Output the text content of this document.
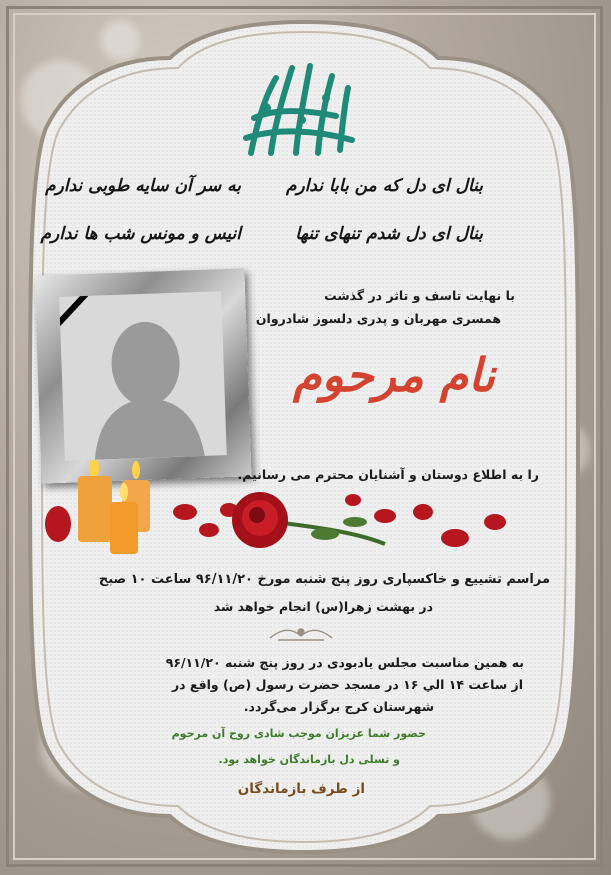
بنال ای دل که من بابا ندارم
به سر آن سایه طوبی ندارم
بنال ای دل شدم تنهای تنها
انیس و مونس شب ها ندارم
با نهایت تاسف و تاثر در گذشت
همسری مهربان و پدری دلسوز شادروان
نام مرحوم
را به اطلاع دوستان و آشنایان محترم می رسانیم.
مراسم تشییع و خاکسپاری روز پنج شنبه مورخ ۹۶/۱۱/۲۰ ساعت ۱۰ صبح
در بهشت زهرا(س) انجام خواهد شد
به همین مناسبت مجلس یادبودی در روز پنج شنبه ۹۶/۱۱/۲۰
از ساعت ۱۴ الي ۱۶ در مسجد حضرت رسول (ص) واقع در
شهرستان کرج برگزار می‌گردد.
حضور شما عزیزان موجب شادی روح آن مرحوم
و تسلی دل بازماندگان خواهد بود.
از طرف بازماندگان
